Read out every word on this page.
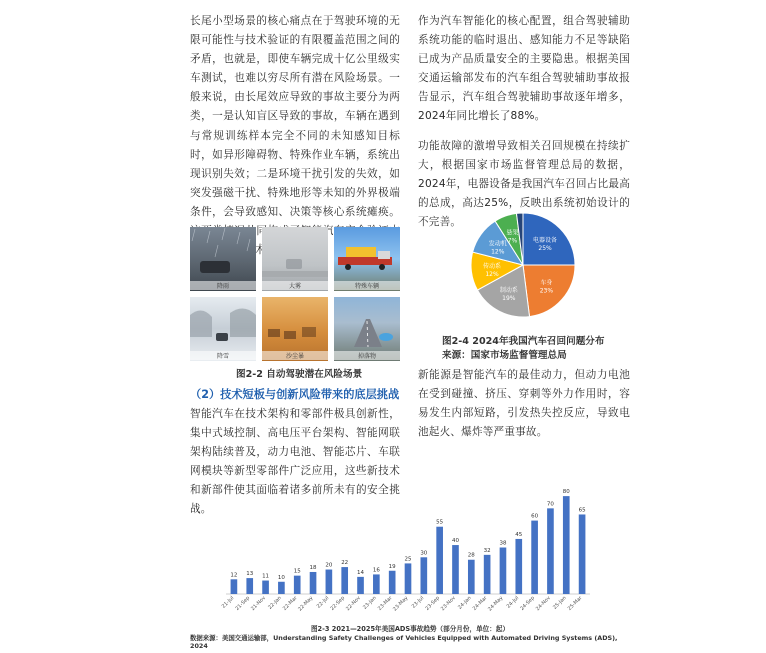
长尾小型场景的核心痛点在于驾驶环境的无限可能性与技术验证的有限覆盖范围之间的矛盾，也就是，即使车辆完成十亿公里级实车测试，也难以穷尽所有潜在风险场景。一般来说，由长尾效应导致的事故主要分为两类，一是认知盲区导致的事故，车辆在遇到与常规训练样本完全不同的未知感知目标时，如异形障碍物、特殊作业车辆，系统出现识别失效；二是环境干扰引发的失效，如突发强磁干扰、特殊地形等未知的外界极端条件，会导致感知、决策等核心系统瘫痪。 汽 术

降雨	大雾	特殊车辆
降雪	沙尘暴	掉落物
图2-2 自动驾驶潜在风险场景
（2）技术短板与创新风险带来的底层挑战

智能汽车在技术架构和零部件极具创新性，集中式域控制、高电压平台架构、智能网联架构陆续普及，动力电池、智能芯片、车联网模块等新型零部件广泛应用，这些新技术和新部件使其面临着诸多前所未有的安全挑战。

作为汽车智能化的核心配置，组合驾驶辅助系统功能的临时退出、感知能力不足等缺陷已成为产品质量安全的主要隐患。根据美国交通运输部发布的汽车组合驾驶辅助事故报告显示，汽车组合驾驶辅助事故逐年增多，2024年同比增长了88%。

功能故障的激增导致相关召回规模在持续扩大，根据国家市场监督管理总局的数据，2024年，电器设备是我国汽车召回占比最高的总成，高达25%，反映出系统初始设计的不完善。

电器设备
25%
车身
23%
制动系
19%
传动系
12%
发动机
12%
悬架
7%
图2-4 2024年我国汽车召回问题分布
来源：国家市场监督管理总局

新能源是智能汽车的最佳动力，但动力电池在受到碰撞、挤压、穿刺等外力作用时，容易发生内部短路，引发热失控反应，导致电池起火、爆炸等严重事故。

12
21-Jul
13
21-Sep
11
21-Nov
10
22-Jan
15
22-Mar
18
22-May
20
22-Jul
22
22-Sep
14
22-Nov
16
23-Jan
19
23-Mar
25
23-May
30
23-Jul
55
23-Sep
40
23-Nov
28
24-Jan
32
24-Mar
38
24-May
45
24-Jul
60
24-Sep
70
24-Nov
80
25-Jan
65
25-Mar
图2-3 2021—2025年美国ADS事故趋势（部分月份，单位：起）
数据来源：美国交通运输部，Understanding Safety Challenges of Vehicles Equipped with Automated Driving Systems (ADS), 2024
